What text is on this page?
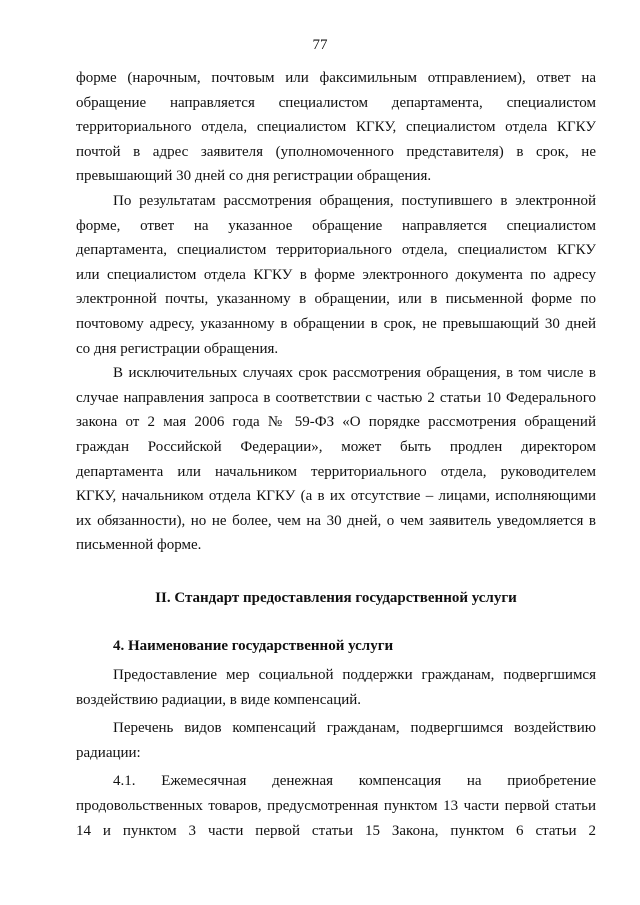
77
форме (нарочным, почтовым или факсимильным отправлением), ответ на
обращение направляется специалистом департамента, специалистом
территориального отдела, специалистом КГКУ, специалистом отдела КГКУ
почтой в адрес заявителя (уполномоченного представителя) в срок, не
превышающий 30 дней со дня регистрации обращения.
По результатам рассмотрения обращения, поступившего в электронной
форме, ответ на указанное обращение направляется специалистом
департамента, специалистом территориального отдела, специалистом КГКУ
или специалистом отдела КГКУ в форме электронного документа по адресу
электронной почты, указанному в обращении, или в письменной форме по
почтовому адресу, указанному в обращении в срок, не превышающий 30 дней
со дня регистрации обращения.
В исключительных случаях срок рассмотрения обращения, в том числе в
случае направления запроса в соответствии с частью 2 статьи 10 Федерального
закона от 2 мая 2006 года № 59-ФЗ «О порядке рассмотрения обращений
граждан Российской Федерации», может быть продлен директором
департамента или начальником территориального отдела, руководителем
КГКУ, начальником отдела КГКУ (а в их отсутствие – лицами, исполняющими
их обязанности), но не более, чем на 30 дней, о чем заявитель уведомляется в
письменной форме.
II. Стандарт предоставления государственной услуги
4. Наименование государственной услуги
Предоставление мер социальной поддержки гражданам, подвергшимся
воздействию радиации, в виде компенсаций.
Перечень видов компенсаций гражданам, подвергшимся воздействию
радиации:
4.1. Ежемесячная денежная компенсация на приобретение
продовольственных товаров, предусмотренная пунктом 13 части первой статьи
14 и пунктом 3 части первой статьи 15 Закона, пунктом 6 статьи 2
